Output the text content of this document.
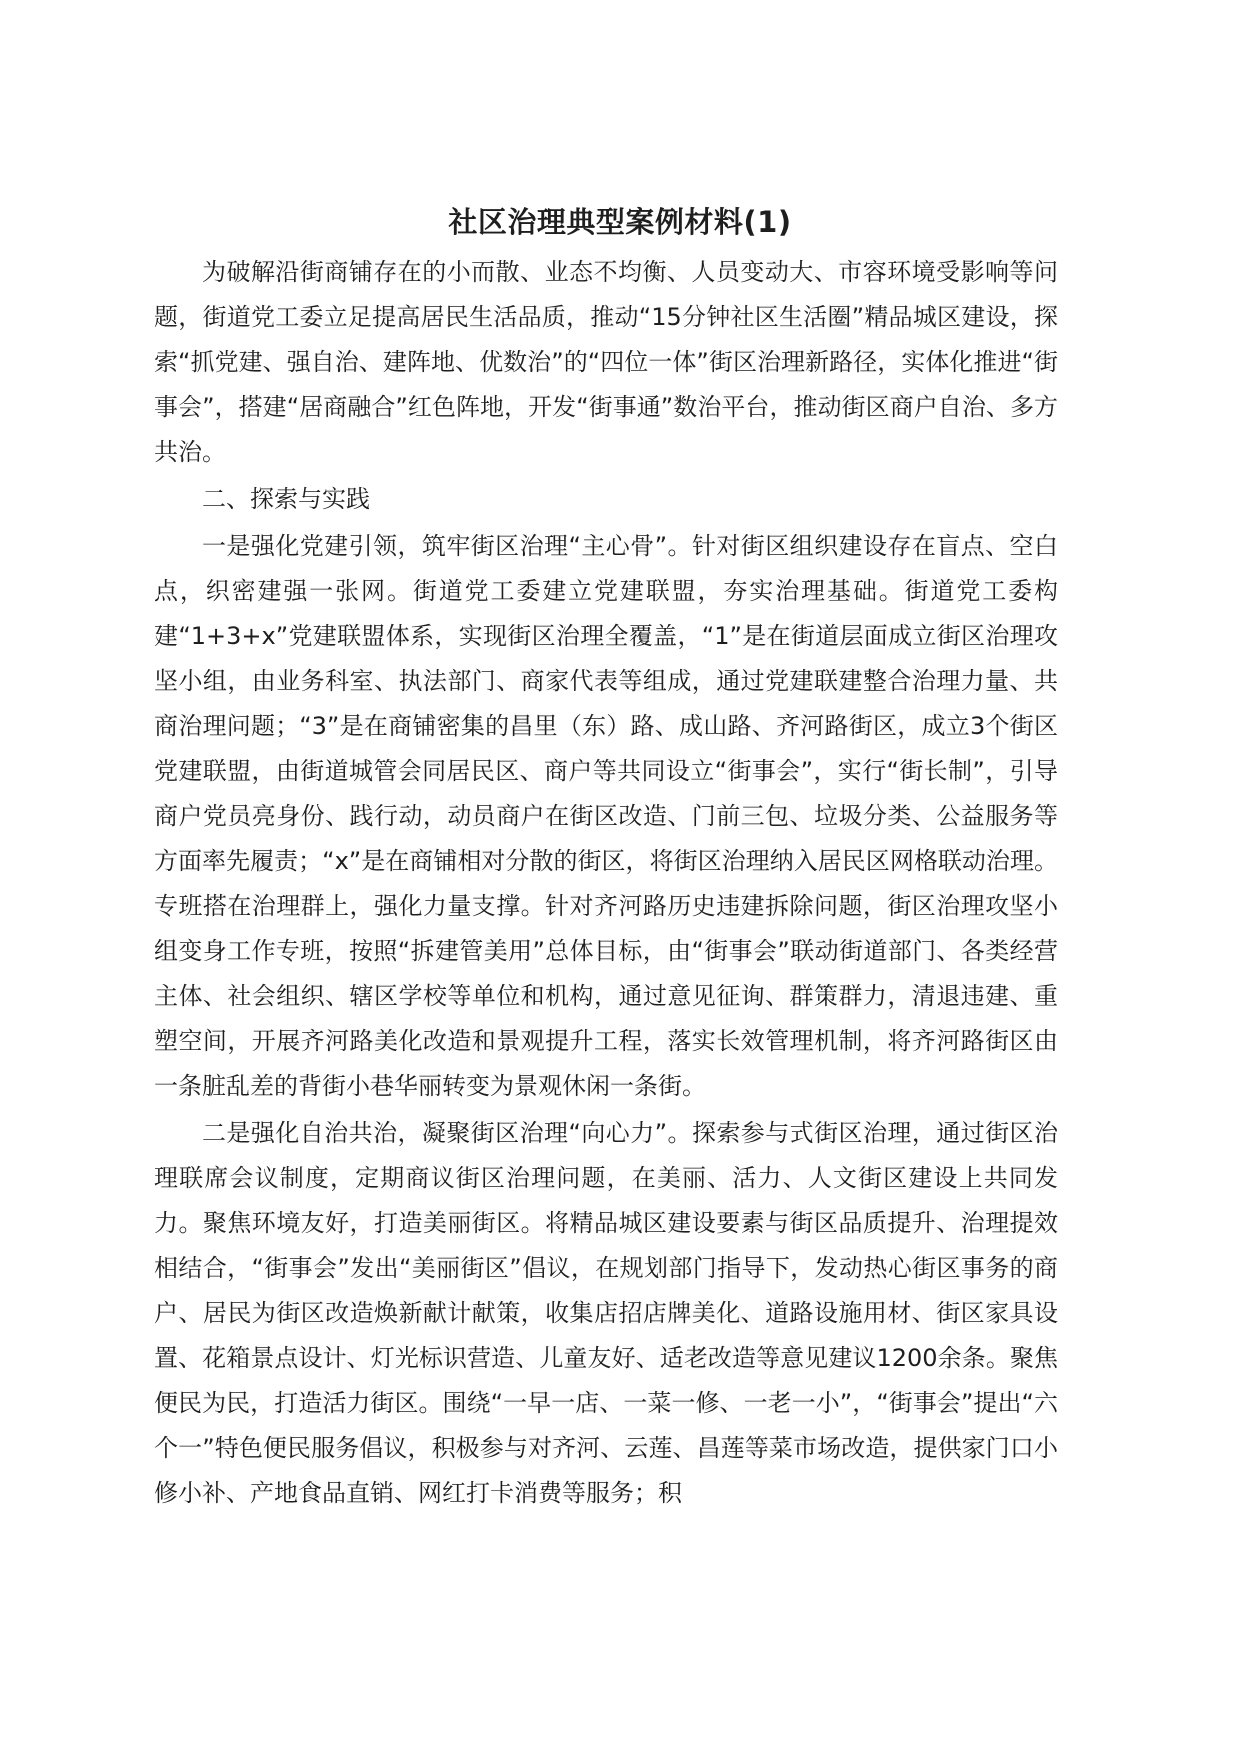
社区治理典型案例材料(1)

为破解沿街商铺存在的小而散、业态不均衡、人员变动大、市容环境受影响等问题，街道党工委立足提高居民生活品质，推动“15分钟社区生活圈”精品城区建设，探索“抓党建、强自治、建阵地、优数治”的“四位一体”街区治理新路径，实体化推进“街事会”，搭建“居商融合”红色阵地，开发“街事通”数治平台，推动街区商户自治、多方共治。

二、探索与实践

一是强化党建引领，筑牢街区治理“主心骨”。针对街区组织建设存在盲点、空白点，织密建强一张网。街道党工委建立党建联盟，夯实治理基础。街道党工委构建“1+3+x”党建联盟体系，实现街区治理全覆盖，“1”是在街道层面成立街区治理攻坚小组，由业务科室、执法部门、商家代表等组成，通过党建联建整合治理力量、共商治理问题；“3”是在商铺密集的昌里（东）路、成山路、齐河路街区，成立3个街区党建联盟，由街道城管会同居民区、商户等共同设立“街事会”，实行“街长制”，引导商户党员亮身份、践行动，动员商户在街区改造、门前三包、垃圾分类、公益服务等方面率先履责；“x”是在商铺相对分散的街区，将街区治理纳入居民区网格联动治理。专班搭在治理群上，强化力量支撑。针对齐河路历史违建拆除问题，街区治理攻坚小组变身工作专班，按照“拆建管美用”总体目标，由“街事会”联动街道部门、各类经营主体、社会组织、辖区学校等单位和机构，通过意见征询、群策群力，清退违建、重塑空间，开展齐河路美化改造和景观提升工程，落实长效管理机制，将齐河路街区由一条脏乱差的背街小巷华丽转变为景观休闲一条街。

二是强化自治共治，凝聚街区治理“向心力”。探索参与式街区治理，通过街区治理联席会议制度，定期商议街区治理问题，在美丽、活力、人文街区建设上共同发力。聚焦环境友好，打造美丽街区。将精品城区建设要素与街区品质提升、治理提效相结合，“街事会”发出“美丽街区”倡议，在规划部门指导下，发动热心街区事务的商户、居民为街区改造焕新献计献策，收集店招店牌美化、道路设施用材、街区家具设置、花箱景点设计、灯光标识营造、儿童友好、适老改造等意见建议1200余条。聚焦便民为民，打造活力街区。围绕“一早一店、一菜一修、一老一小”，“街事会”提出“六个一”特色便民服务倡议，积极参与对齐河、云莲、昌莲等菜市场改造，提供家门口小修小补、产地食品直销、网红打卡消费等服务；积
